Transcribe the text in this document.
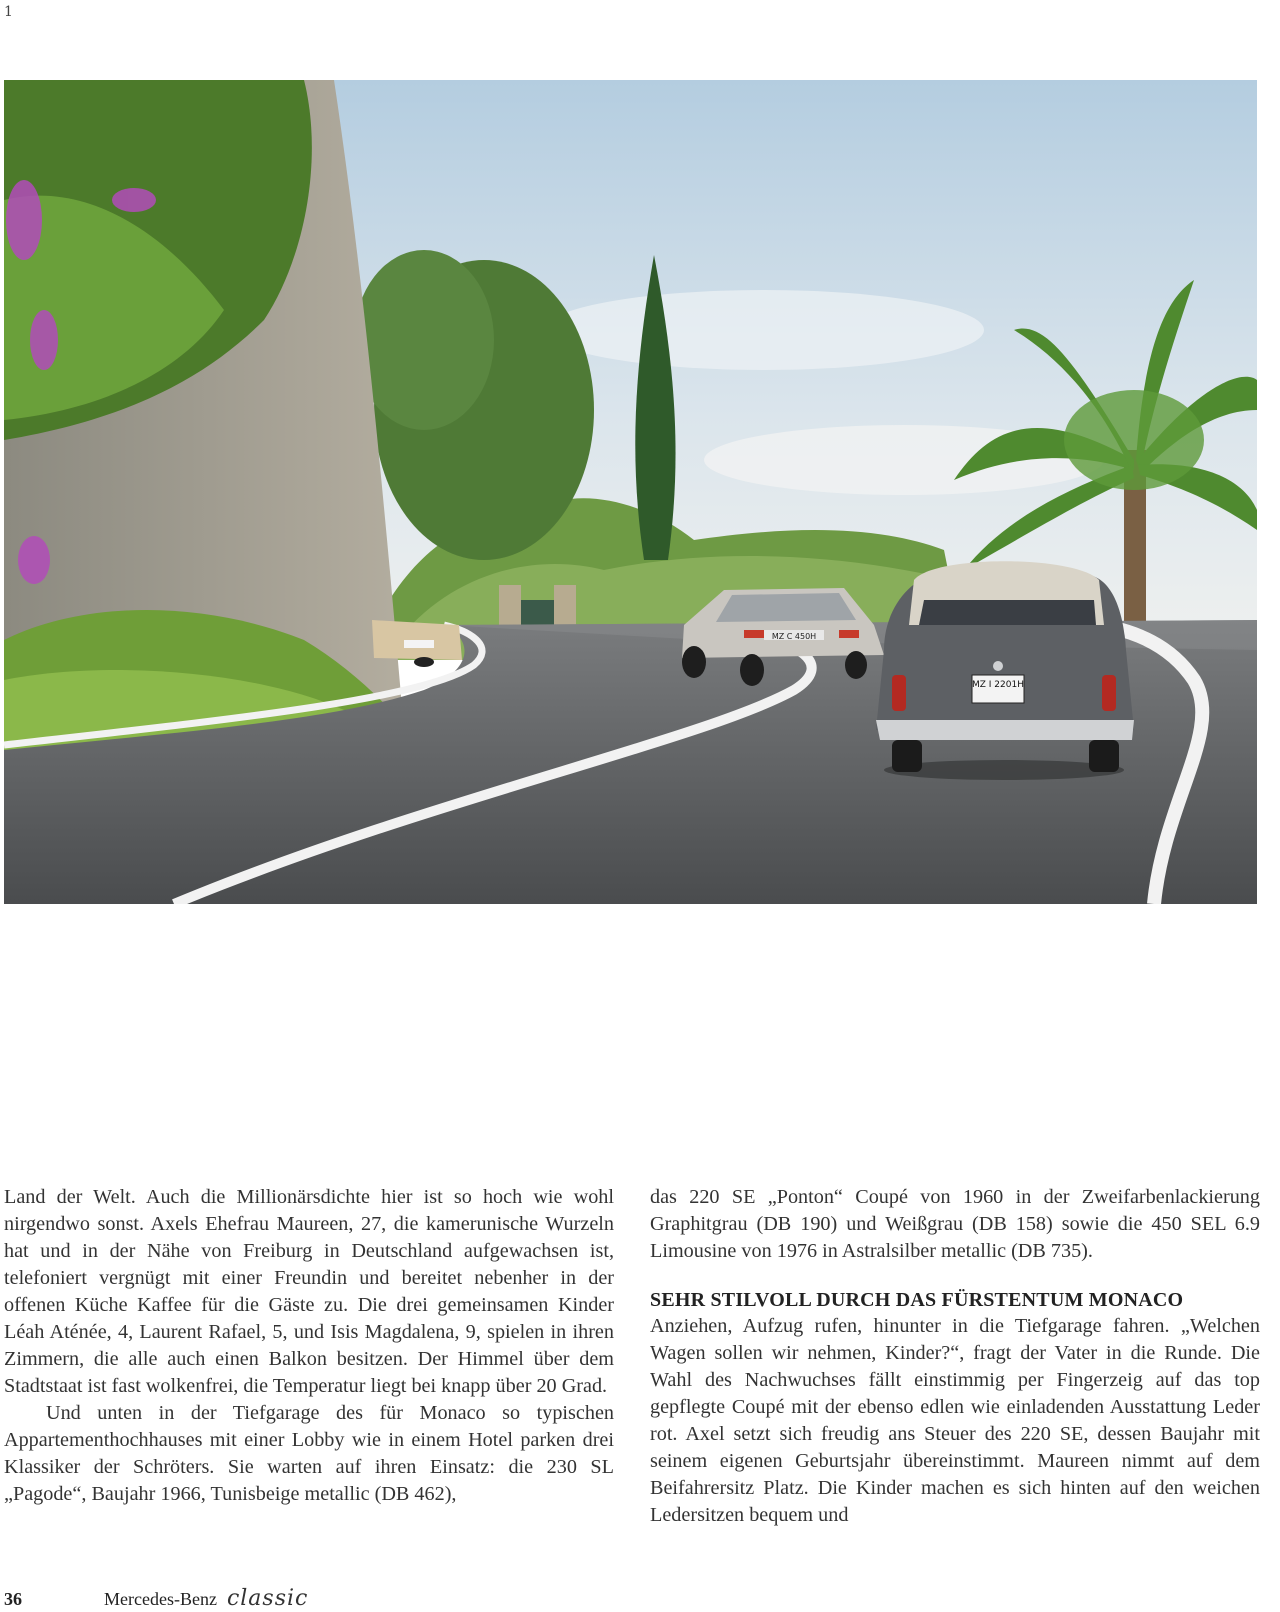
1
MZ C 450H
MZ I 2201H

Land der Welt. Auch die Millionärsdichte hier ist so hoch wie wohl nirgendwo sonst. Axels Ehefrau Maureen, 27, die kamerunische Wurzeln hat und in der Nähe von Freiburg in Deutschland aufgewachsen ist, telefoniert vergnügt mit einer Freundin und bereitet nebenher in der offenen Küche Kaffee für die Gäste zu. Die drei gemeinsamen Kinder Léah Aténée, 4, Laurent Rafael, 5, und Isis Magdalena, 9, spielen in ihren Zimmern, die alle auch einen Balkon besitzen. Der Himmel über dem Stadtstaat ist fast wolkenfrei, die Temperatur liegt bei knapp über 20 Grad.

Und unten in der Tiefgarage des für Monaco so typischen Appartementhochhauses mit einer Lobby wie in einem Hotel parken drei Klassiker der Schröters. Sie warten auf ihren Einsatz: die 230 SL „Pagode“, Baujahr 1966, Tunisbeige metallic (DB 462),

das 220 SE „Ponton“ Coupé von 1960 in der Zweifarbenlackierung Graphitgrau (DB 190) und Weißgrau (DB 158) sowie die 450 SEL 6.9 Limousine von 1976 in Astralsilber metallic (DB 735).

SEHR STILVOLL DURCH DAS FÜRSTENTUM MONACO

Anziehen, Aufzug rufen, hinunter in die Tiefgarage fahren. „Welchen Wagen sollen wir nehmen, Kinder?“, fragt der Vater in die Runde. Die Wahl des Nachwuchses fällt einstimmig per Fingerzeig auf das top gepflegte Coupé mit der ebenso edlen wie einladenden Ausstattung Leder rot. Axel setzt sich freudig ans Steuer des 220 SE, dessen Baujahr mit seinem eigenen Geburtsjahr übereinstimmt. Maureen nimmt auf dem Beifahrersitz Platz. Die Kinder machen es sich hinten auf den weichen Ledersitzen bequem und

36	Mercedes-Benz classic
